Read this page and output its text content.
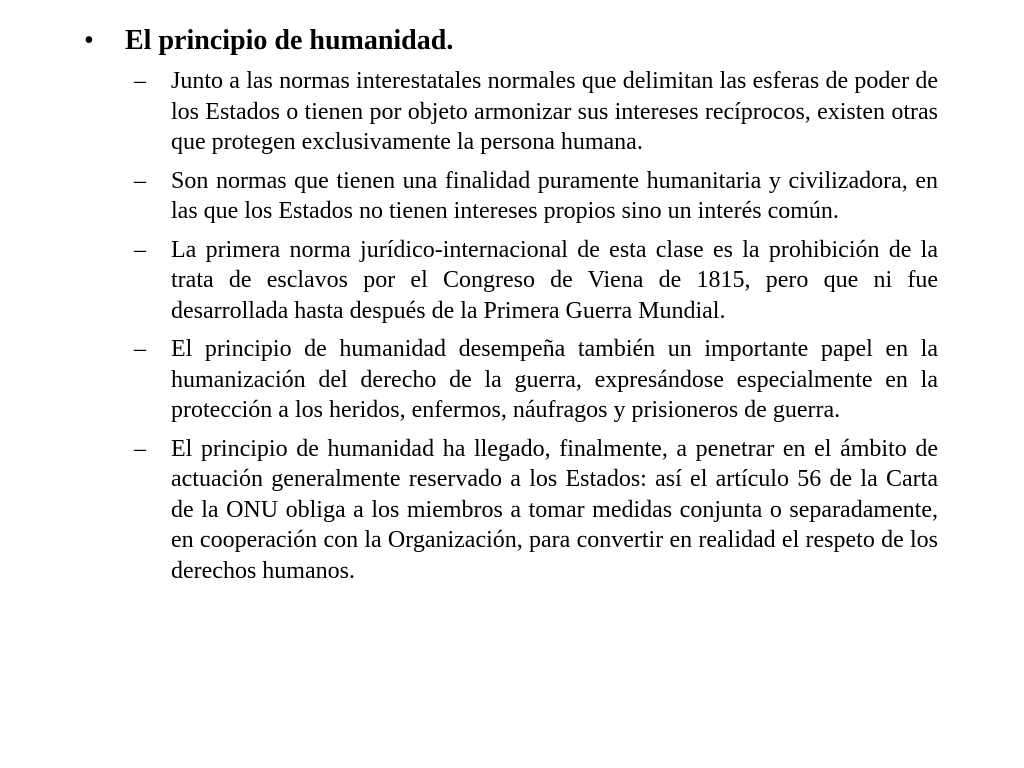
•	El principio de humanidad.
–	Junto a las normas interestatales normales que delimitan las esferas de poder de los Estados o tienen por objeto armonizar sus intereses recíprocos, existen otras que protegen exclusivamente la persona humana.
–	Son normas que tienen una finalidad puramente humanitaria y civilizadora, en las que los Estados no tienen intereses propios sino un interés común.
–	La primera norma jurídico-internacional de esta clase es la prohibición de la trata de esclavos por el Congreso de Viena de 1815, pero que ni fue desarrollada hasta después de la Primera Guerra Mundial.
–	El principio de humanidad desempeña también un importante papel en la humanización del derecho de la guerra, expresándose especialmente en la protección a los heridos, enfermos, náufragos y prisioneros de guerra.
–	El principio de humanidad ha llegado, finalmente, a penetrar en el ámbito de actuación generalmente reservado a los Estados: así el artículo 56 de la Carta de la ONU obliga a los miembros a tomar medidas conjunta o separadamente, en cooperación con la Organización, para convertir en realidad el respeto de los derechos humanos.
